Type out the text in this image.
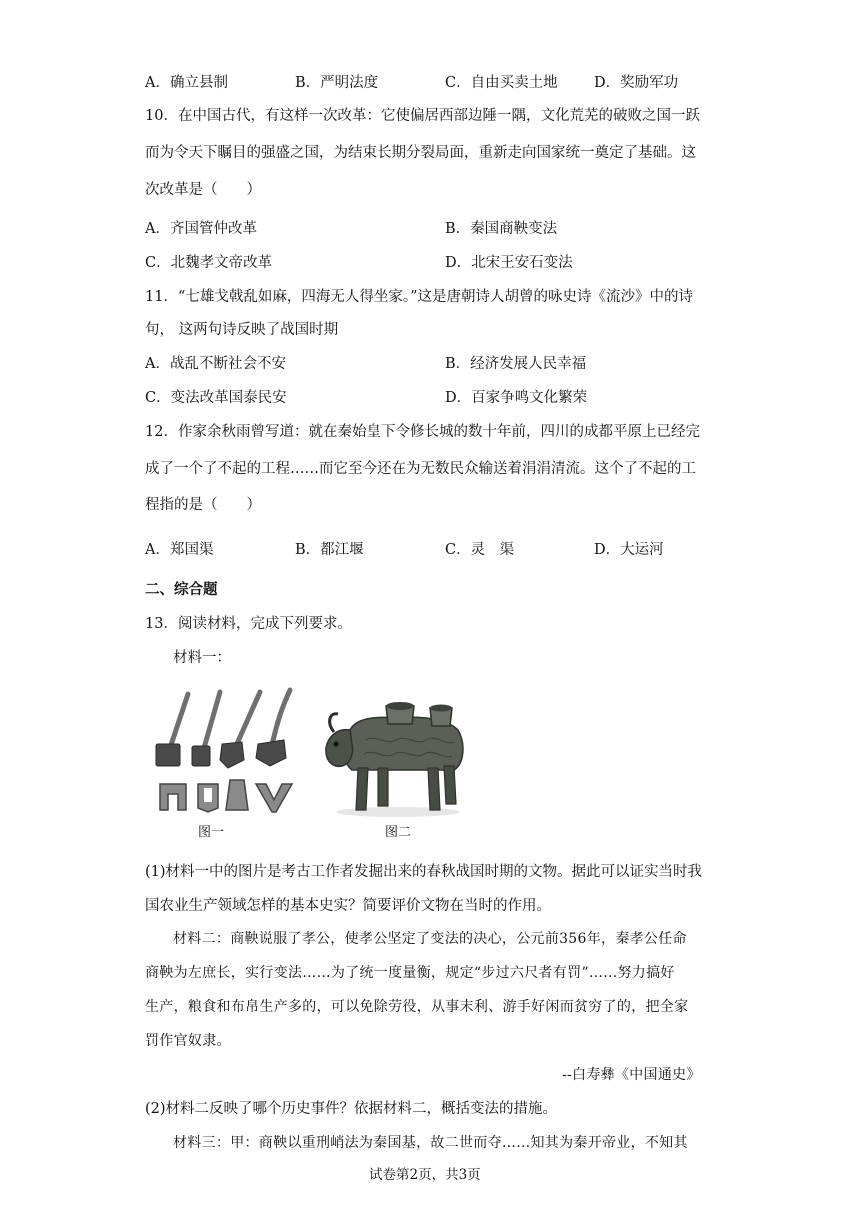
A．确立县制	B．严明法度	C．自由买卖土地	D．奖励军功
10．在中国古代，有这样一次改革：它使偏居西部边陲一隅，文化荒芜的破败之国一跃
而为令天下瞩目的强盛之国，为结束长期分裂局面，重新走向国家统一奠定了基础。这
次改革是（　　）
A．齐国管仲改革	B．秦国商鞅变法
C．北魏孝文帝改革	D．北宋王安石变法
11．“七雄戈戟乱如麻，四海无人得坐家。”这是唐朝诗人胡曾的咏史诗《流沙》中的诗
句， 这两句诗反映了战国时期
A．战乱不断社会不安	B．经济发展人民幸福
C．变法改革国泰民安	D．百家争鸣文化繁荣
12．作家余秋雨曾写道：就在秦始皇下令修长城的数十年前，四川的成都平原上已经完
成了一个了不起的工程……而它至今还在为无数民众输送着涓涓清流。这个了不起的工
程指的是（　　）
A．郑国渠	B．都江堰	C．灵　渠	D．大运河
二、综合题
13．阅读材料，完成下列要求。
材料一：
图一	图二
(1)材料一中的图片是考古工作者发掘出来的春秋战国时期的文物。据此可以证实当时我
国农业生产领域怎样的基本史实？简要评价文物在当时的作用。
材料二：商鞅说服了孝公，使孝公坚定了变法的决心，公元前356年，秦孝公任命
商鞅为左庶长，实行变法……为了统一度量衡，规定“步过六尺者有罚”……努力搞好
生产，粮食和布帛生产多的，可以免除劳役，从事末利、游手好闲而贫穷了的，把全家
罚作官奴隶。
--白寿彝《中国通史》
(2)材料二反映了哪个历史事件？依据材料二，概括变法的措施。
材料三：甲：商鞅以重刑峭法为秦国基，故二世而夺……知其为秦开帝业，不知其
试卷第2页，共3页
